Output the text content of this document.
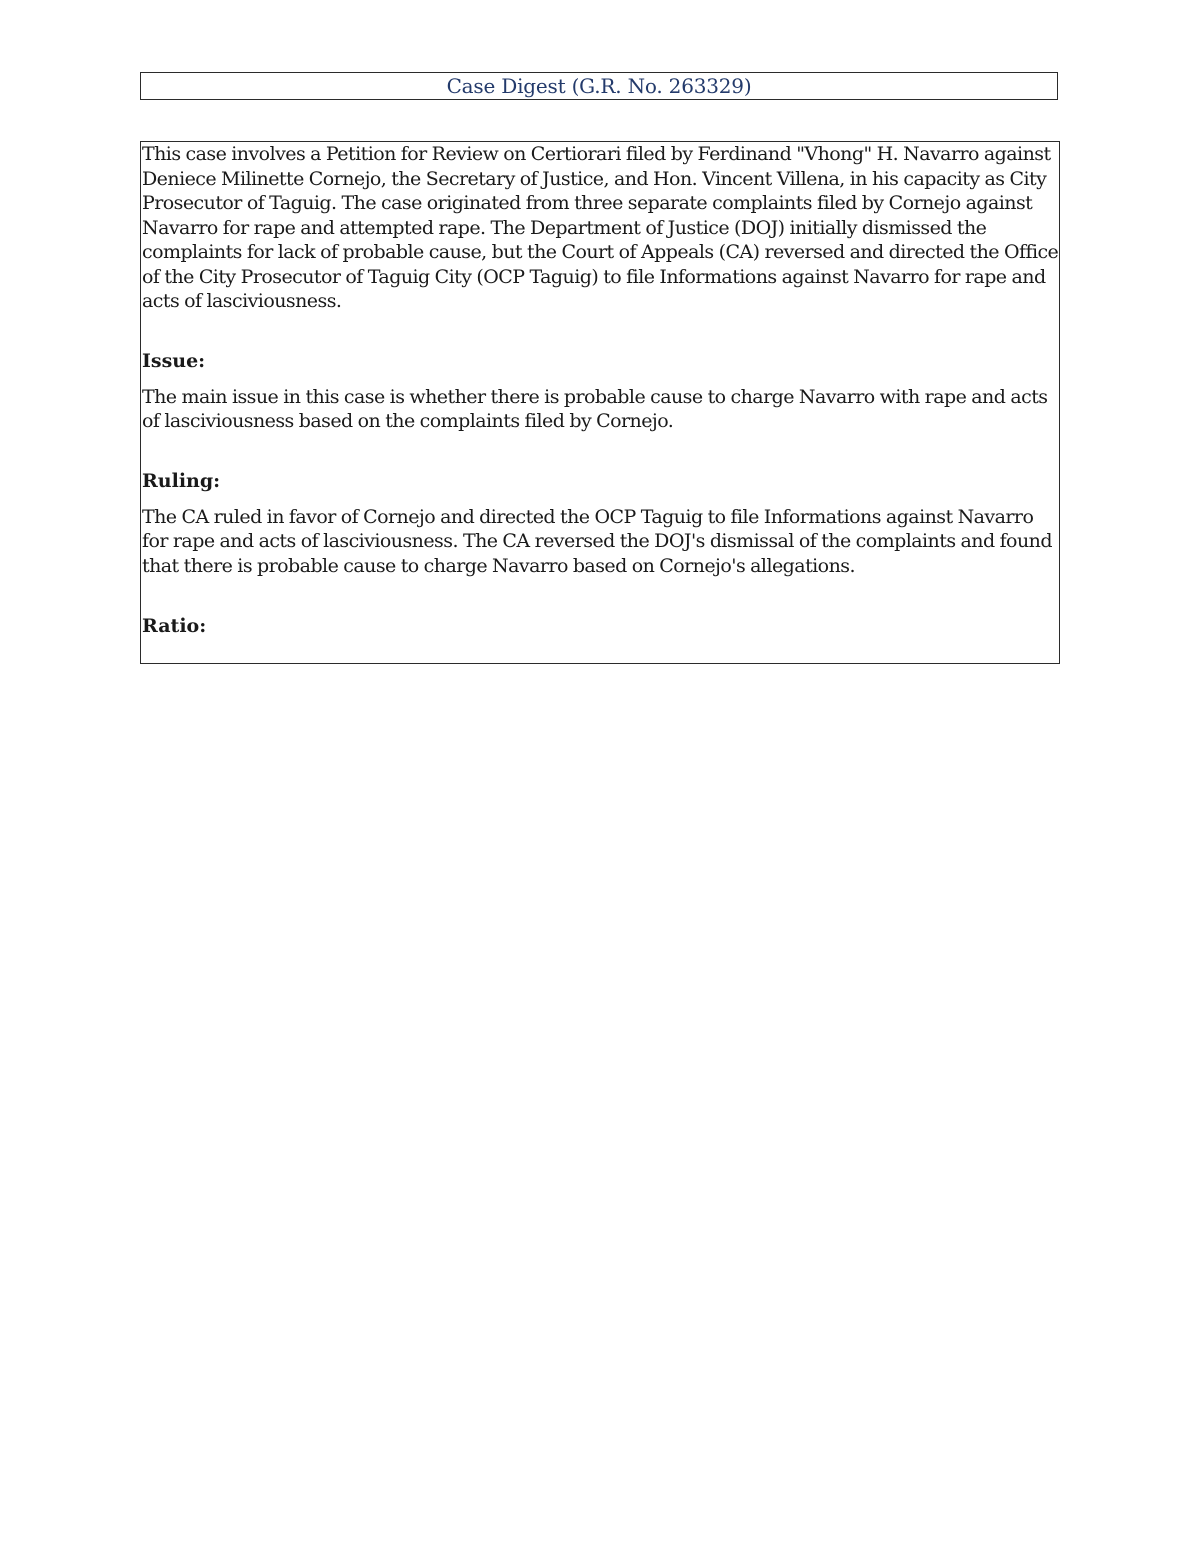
Case Digest (G.R. No. 263329)

This case involves a Petition for Review on Certiorari filed by Ferdinand "Vhong" H. Navarro against Deniece Milinette Cornejo, the Secretary of Justice, and Hon. Vincent Villena, in his capacity as City Prosecutor of Taguig. The case originated from three separate complaints filed by Cornejo against Navarro for rape and attempted rape. The Department of Justice (DOJ) initially dismissed the complaints for lack of probable cause, but the Court of Appeals (CA) reversed and directed the Office of the City Prosecutor of Taguig City (OCP Taguig) to file Informations against Navarro for rape and acts of lasciviousness.

Issue:

The main issue in this case is whether there is probable cause to charge Navarro with rape and acts of lasciviousness based on the complaints filed by Cornejo.

Ruling:

The CA ruled in favor of Cornejo and directed the OCP Taguig to file Informations against Navarro for rape and acts of lasciviousness. The CA reversed the DOJ's dismissal of the complaints and found that there is probable cause to charge Navarro based on Cornejo's allegations.

Ratio:
